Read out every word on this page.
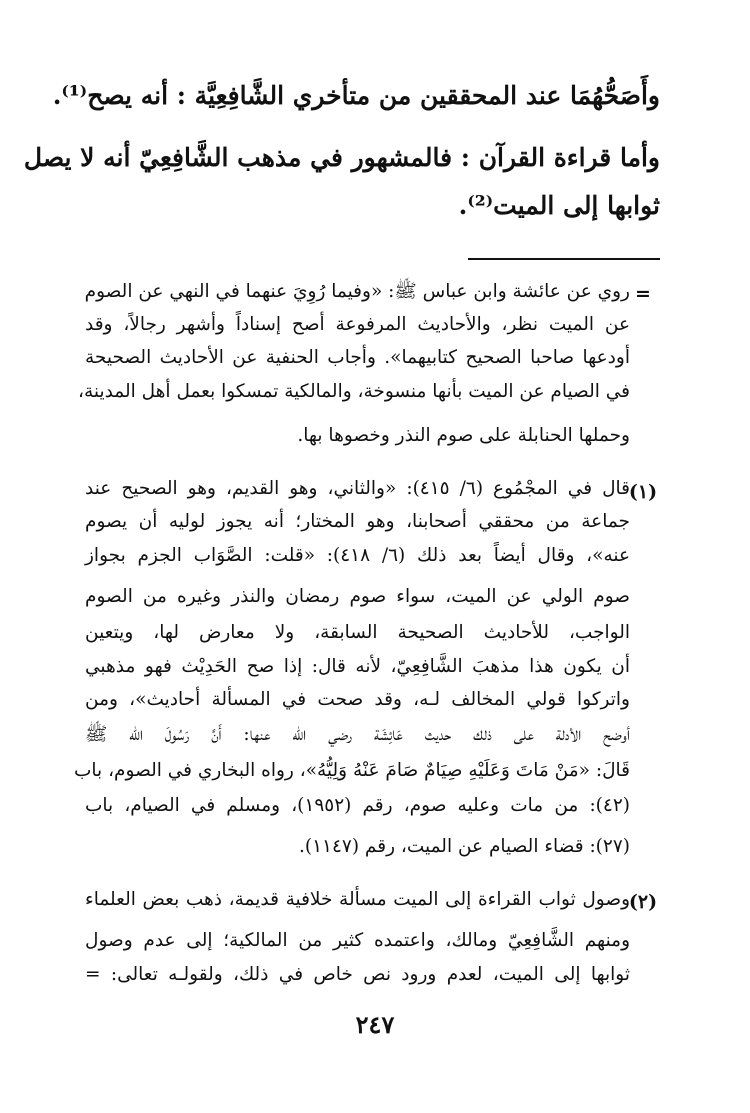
وأَصَحُّهُمَا عند المحققين من متأخري الشَّافِعِيَّة : أنه يصح⁽¹⁾.
وأما قراءة القرآن : فالمشهور في مذهب الشَّافِعِيّ أنه لا يصل
ثوابها إلى الميت⁽²⁾.
=
روي عن عائشة وابن عباس ﷺ: «وفيما رُوِيَ عنهما في النهي عن الصوم
عن الميت نظر، والأحاديث المرفوعة أصح إسناداً وأشهر رجالاً، وقد
أودعها صاحبا الصحيح كتابيهما». وأجاب الحنفية عن الأحاديث الصحيحة
في الصيام عن الميت بأنها منسوخة، والمالكية تمسكوا بعمل أهل المدينة،
وحملها الحنابلة على صوم النذر وخصوها بها.
(١)
قال في المجْمُوع (٦/ ٤١٥): «والثاني، وهو القديم، وهو الصحيح عند
جماعة من محققي أصحابنا، وهو المختار؛ أنه يجوز لوليه أن يصوم
عنه»، وقال أيضاً بعد ذلك (٦/ ٤١٨): «قلت: الصَّوَاب الجزم بجواز
صوم الولي عن الميت، سواء صوم رمضان والنذر وغيره من الصوم
الواجب، للأحاديث الصحيحة السابقة، ولا معارض لها، ويتعين
أن يكون هذا مذهبَ الشَّافِعِيّ، لأنه قال: إذا صح الحَدِيْث فهو مذهبي
واتركوا قولي المخالف لـه، وقد صحت في المسألة أحاديث»، ومن
أوضح الأدلة على ذلك حديث عَائِشَة رضي الله عنها: أَنَّ رَسُولَ الله ﷺ
قَالَ: «مَنْ مَاتَ وَعَلَيْهِ صِيَامٌ صَامَ عَنْهُ وَلِيُّهُ»، رواه البخاري في الصوم، باب
(٤٢): من مات وعليه صوم، رقم (١٩٥٢)، ومسلم في الصيام، باب
(٢٧): قضاء الصيام عن الميت، رقم (١١٤٧).
(٢)
وصول ثواب القراءة إلى الميت مسألة خلافية قديمة، ذهب بعض العلماء
ومنهم الشَّافِعِيّ ومالك، واعتمده كثير من المالكية؛ إلى عدم وصول
ثوابها إلى الميت، لعدم ورود نص خاص في ذلك، ولقولـه تعالى: =
٢٤٧
